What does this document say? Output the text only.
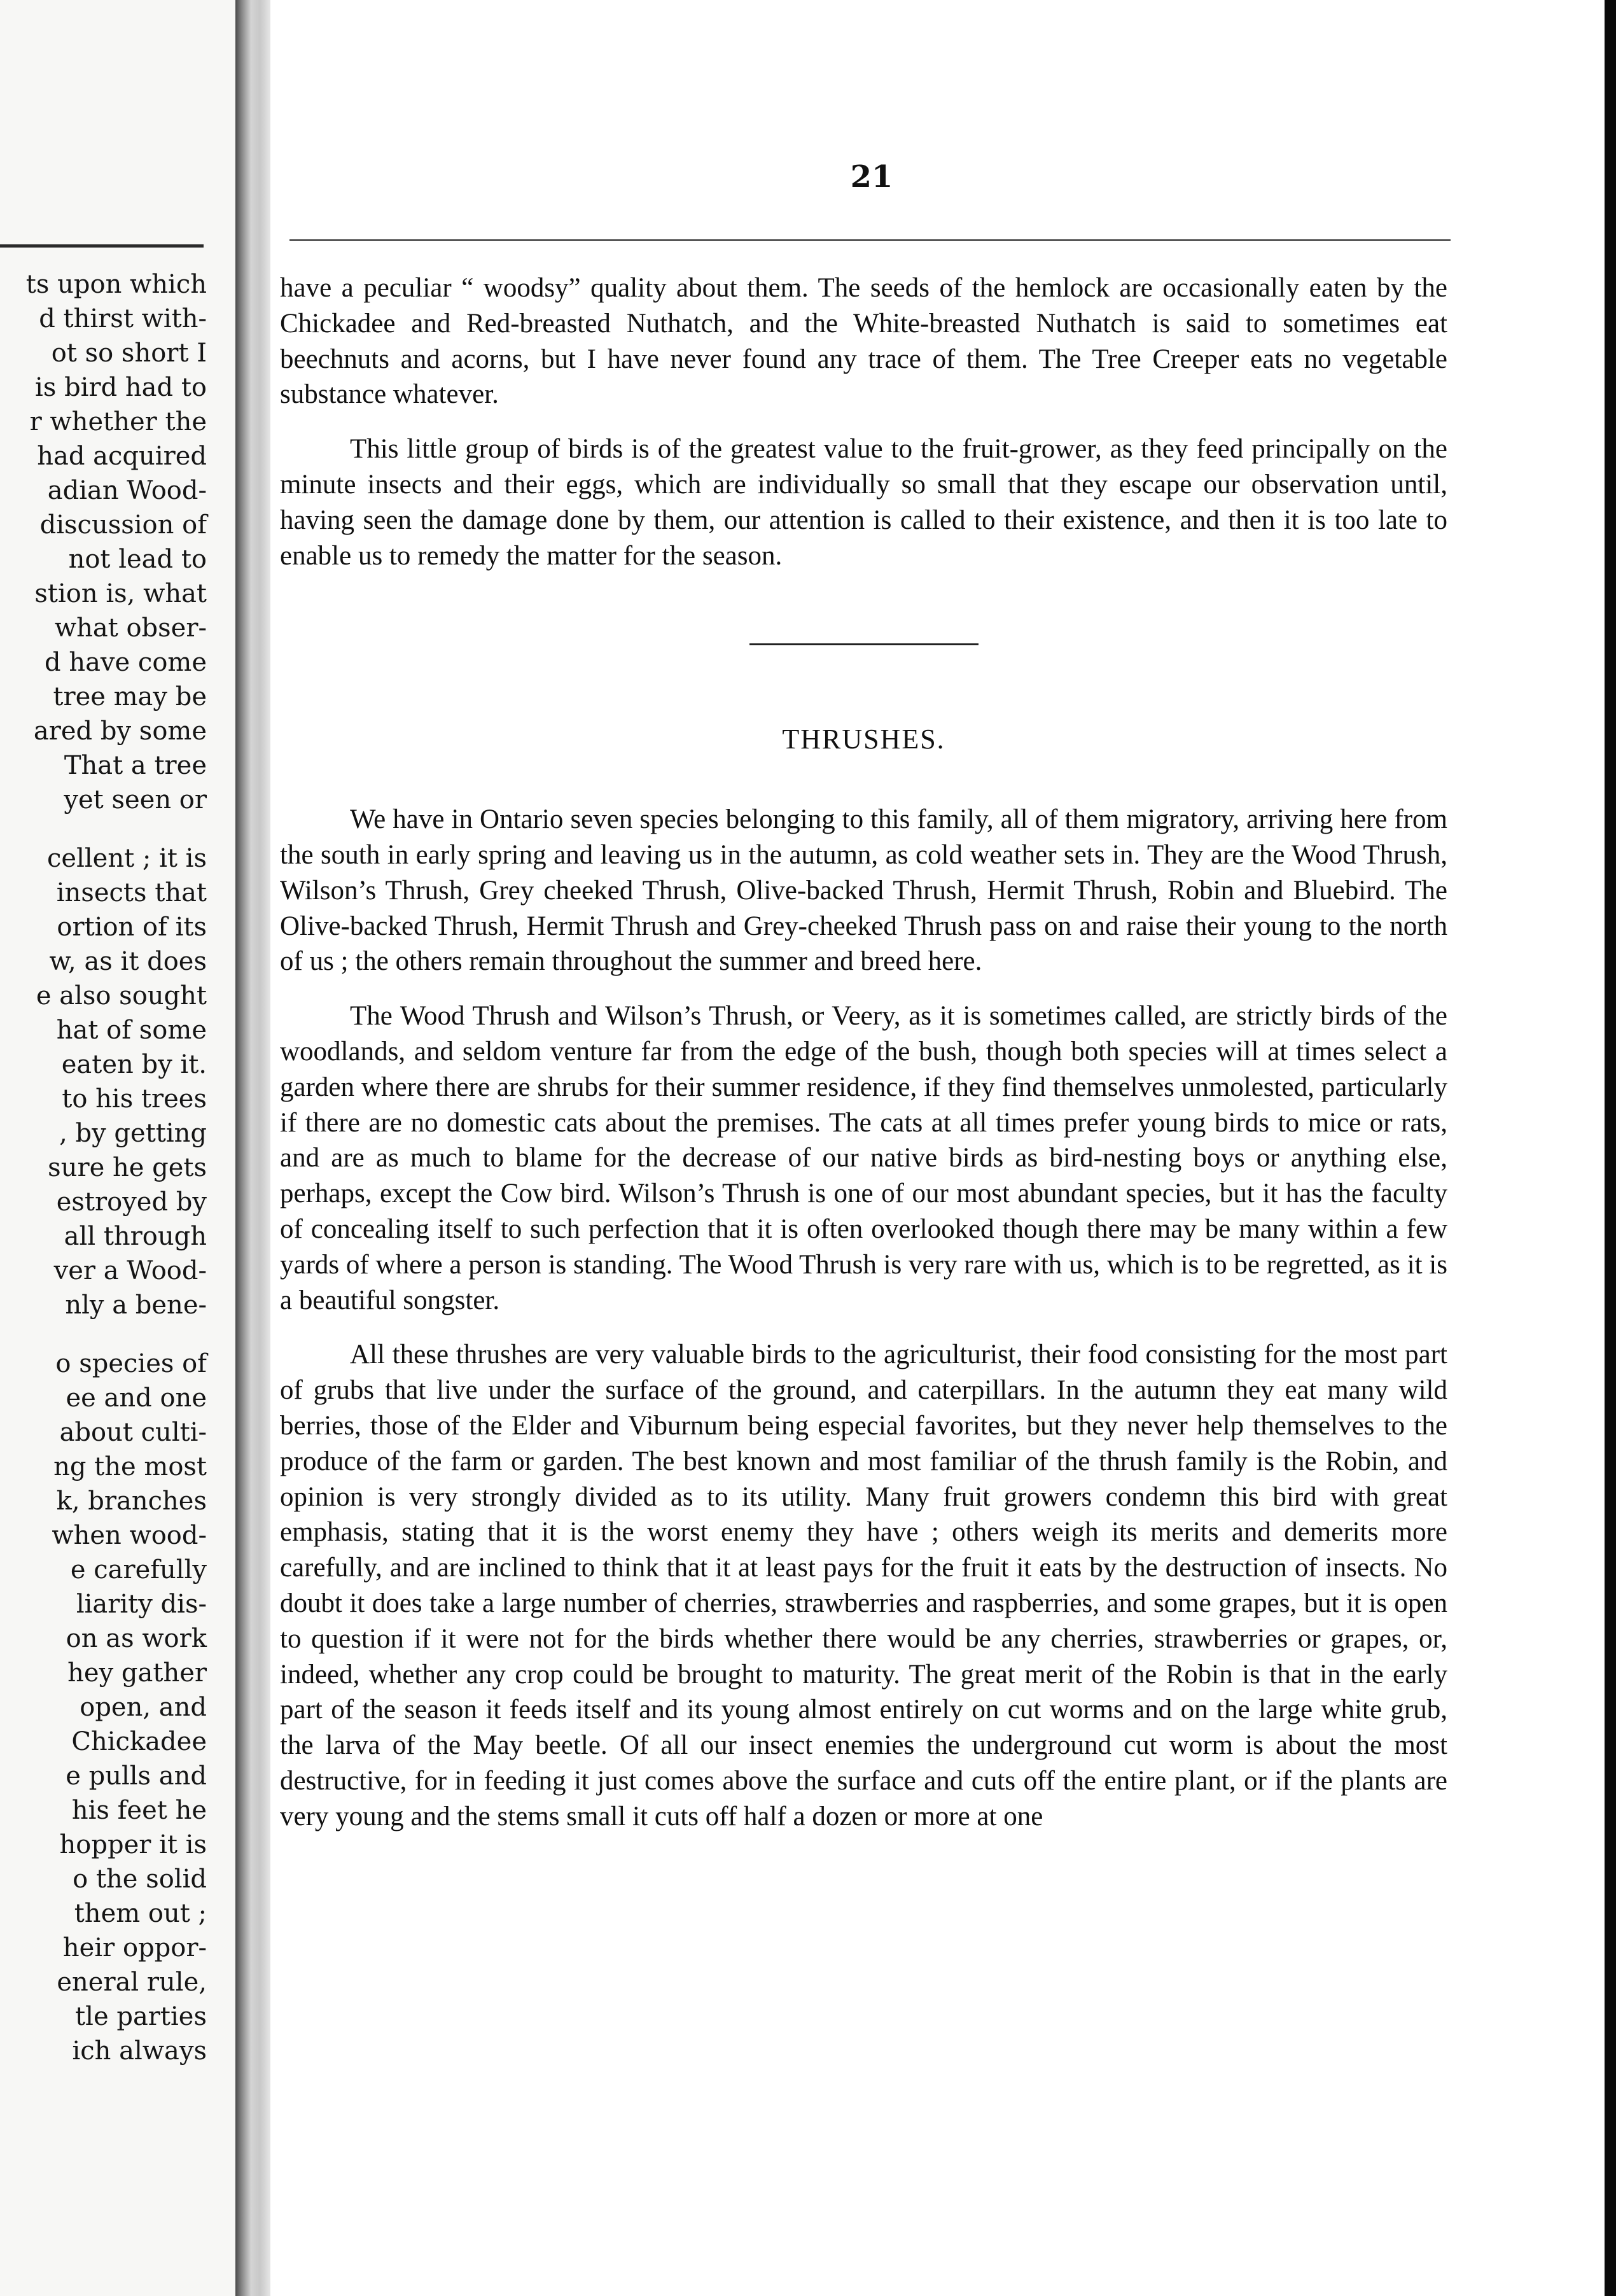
ts upon which
d thirst with-
ot so short I
is bird had to
r whether the
had acquired
adian Wood-
discussion of
not lead to
stion is, what
what obser-
d have come
tree may be
ared by some
That a tree
yet seen or
cellent ; it is
insects that
ortion of its
w, as it does
e also sought
hat of some
eaten by it.
to his trees
, by getting
sure he gets
estroyed by
all through
ver a Wood-
nly a bene-
o species of
ee and one
about culti-
ng the most
k, branches
when wood-
e carefully
liarity dis-
on as work
hey gather
open, and
Chickadee
e pulls and
his feet he
hopper it is
o the solid
them out ;
heir oppor-
eneral rule,
tle parties
ich always
21

have a peculiar “ woodsy” quality about them. The seeds of the hemlock are occasionally eaten by the Chickadee and Red-breasted Nuthatch, and the White-breasted Nuthatch is said to sometimes eat beechnuts and acorns, but I have never found any trace of them. The Tree Creeper eats no vegetable substance whatever.

This little group of birds is of the greatest value to the fruit-grower, as they feed principally on the minute insects and their eggs, which are individually so small that they escape our observation until, having seen the damage done by them, our attention is called to their existence, and then it is too late to enable us to remedy the matter for the season.

THRUSHES.

We have in Ontario seven species belonging to this family, all of them migratory, arriving here from the south in early spring and leaving us in the autumn, as cold weather sets in. They are the Wood Thrush, Wilson’s Thrush, Grey cheeked Thrush, Olive-backed Thrush, Hermit Thrush, Robin and Bluebird. The Olive-backed Thrush, Hermit Thrush and Grey-cheeked Thrush pass on and raise their young to the north of us ; the others remain throughout the summer and breed here.

The Wood Thrush and Wilson’s Thrush, or Veery, as it is sometimes called, are strictly birds of the woodlands, and seldom venture far from the edge of the bush, though both species will at times select a garden where there are shrubs for their summer residence, if they find themselves unmolested, particularly if there are no domestic cats about the premises. The cats at all times prefer young birds to mice or rats, and are as much to blame for the decrease of our native birds as bird-nesting boys or anything else, perhaps, except the Cow bird. Wilson’s Thrush is one of our most abundant species, but it has the faculty of concealing itself to such perfection that it is often overlooked though there may be many within a few yards of where a person is standing. The Wood Thrush is very rare with us, which is to be regretted, as it is a beautiful songster.

All these thrushes are very valuable birds to the agriculturist, their food consisting for the most part of grubs that live under the surface of the ground, and caterpillars. In the autumn they eat many wild berries, those of the Elder and Viburnum being especial favorites, but they never help themselves to the produce of the farm or garden. The best known and most familiar of the thrush family is the Robin, and opinion is very strongly divided as to its utility. Many fruit growers condemn this bird with great emphasis, stating that it is the worst enemy they have ; others weigh its merits and demerits more carefully, and are inclined to think that it at least pays for the fruit it eats by the destruction of insects. No doubt it does take a large number of cherries, strawberries and raspberries, and some grapes, but it is open to question if it were not for the birds whether there would be any cherries, strawberries or grapes, or, indeed, whether any crop could be brought to maturity. The great merit of the Robin is that in the early part of the season it feeds itself and its young almost entirely on cut worms and on the large white grub, the larva of the May beetle. Of all our insect enemies the underground cut worm is about the most destructive, for in feeding it just comes above the surface and cuts off the entire plant, or if the plants are very young and the stems small it cuts off half a dozen or more at one
